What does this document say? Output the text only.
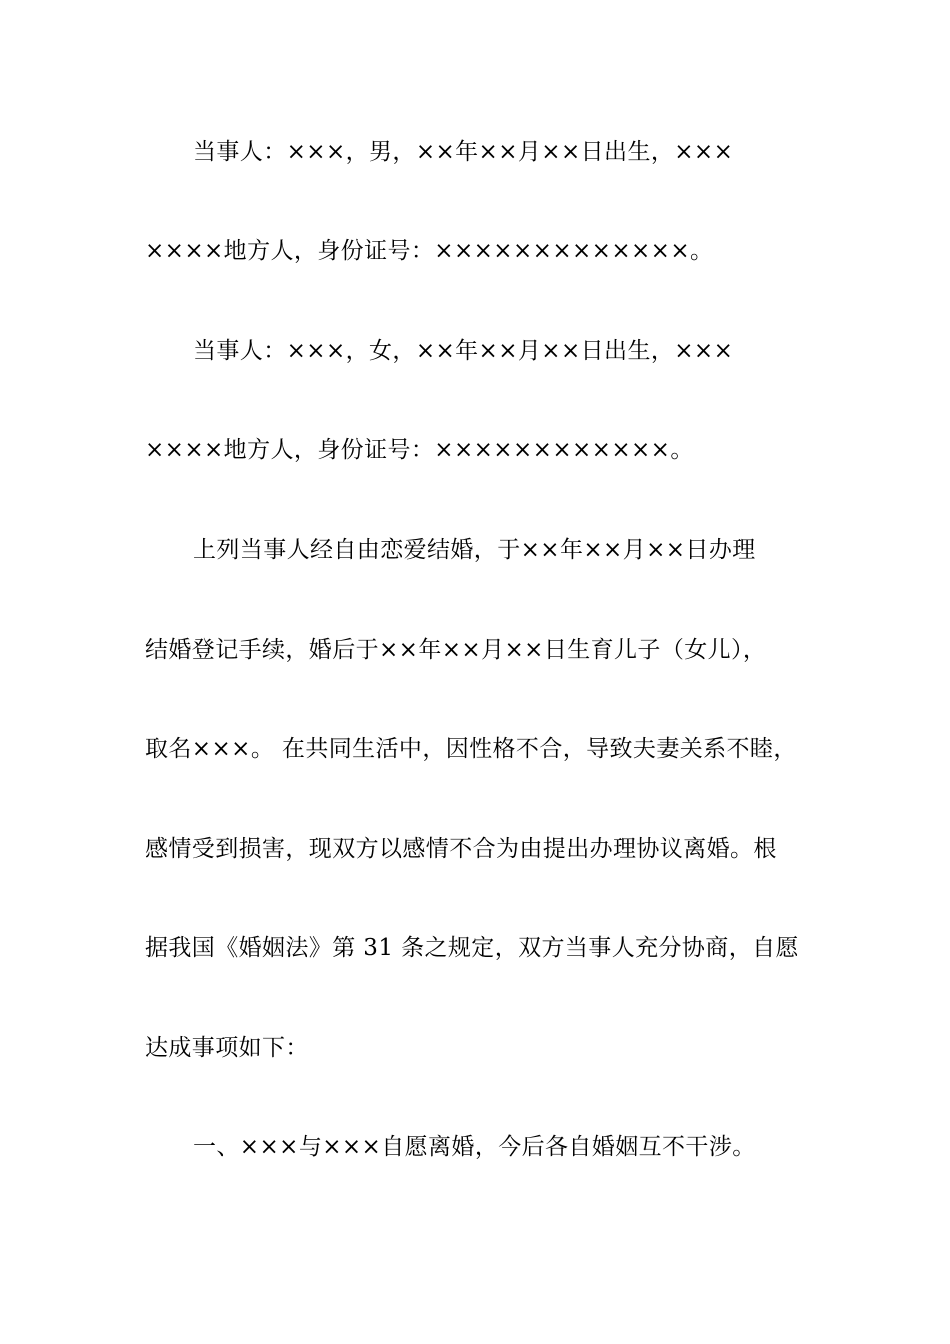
当事人：×××，男，××年××月××日出生，×××
××××地方人，身份证号：×××××××××××××。
当事人：×××，女，××年××月××日出生，×××
××××地方人，身份证号：××××××××××××。
上列当事人经自由恋爱结婚，于××年××月××日办理
结婚登记手续，婚后于××年××月××日生育儿子（女儿），
取名×××。 在共同生活中，因性格不合，导致夫妻关系不睦，
感情受到损害，现双方以感情不合为由提出办理协议离婚。根
据我国《婚姻法》第 31 条之规定，双方当事人充分协商，自愿
达成事项如下：
一、×××与×××自愿离婚，今后各自婚姻互不干涉。
